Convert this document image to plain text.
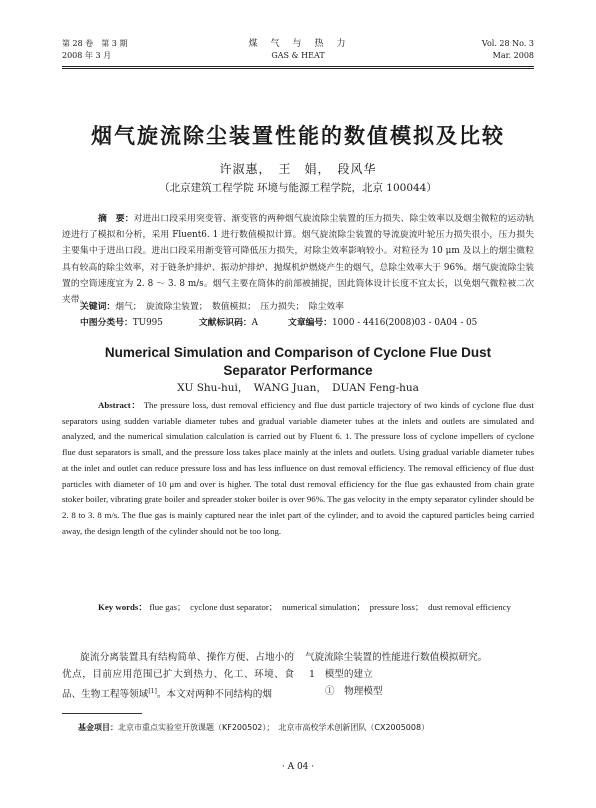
第 28 卷　第 3 期
2008 年 3 月
煤　气　与　热　力
GAS & HEAT
Vol. 28 No. 3
Mar. 2008
烟气旋流除尘装置性能的数值模拟及比较
许淑惠，　王　娟，　段风华
（北京建筑工程学院 环境与能源工程学院，北京 100044）
摘　要：对进出口段采用突变管、渐变管的两种烟气旋流除尘装置的压力损失、除尘效率以及烟尘微粒的运动轨迹进行了模拟和分析，采用 Fluent6. 1 进行数值模拟计算。烟气旋流除尘装置的导流旋流叶轮压力损失很小，压力损失主要集中于进出口段。进出口段采用渐变管可降低压力损失，对除尘效率影响较小。对粒径为 10 μm 及以上的烟尘微粒具有较高的除尘效率，对于链条炉排炉、振动炉排炉、抛煤机炉燃烧产生的烟气，总除尘效率大于 96%。烟气旋流除尘装置的空筒速度宜为 2. 8 ～ 3. 8 m/s。烟气主要在筒体的前部被捕捉，因此筒体设计长度不宜太长，以免烟气微粒被二次夹带。
关键词：烟气；　旋流除尘装置；　数值模拟；　压力损失；　除尘效率
中图分类号：TU995	文献标识码：A	文章编号：1000 - 4416(2008)03 - 0A04 - 05
Numerical Simulation and Comparison of Cyclone Flue Dust
Separator Performance
XU Shu-hui，　WANG Juan，　DUAN Feng-hua
Abstract： The pressure loss, dust removal efficiency and flue dust particle trajectory of two kinds of cyclone flue dust separators using sudden variable diameter tubes and gradual variable diameter tubes at the inlets and outlets are simulated and analyzed, and the numerical simulation calculation is carried out by Fluent 6. 1. The pressure loss of cyclone impellers of cyclone flue dust separators is small, and the pressure loss takes place mainly at the inlets and outlets. Using gradual variable diameter tubes at the inlet and outlet can reduce pressure loss and has less influence on dust removal efficiency. The removal efficiency of flue dust particles with diameter of 10 μm and over is higher. The total dust removal efficiency for the flue gas exhausted from chain grate stoker boiler, vibrating grate boiler and spreader stoker boiler is over 96%. The gas velocity in the empty separator cylinder should be 2. 8 to 3. 8 m/s. The flue gas is mainly captured near the inlet part of the cylinder, and to avoid the captured particles being carried away, the design length of the cylinder should not be too long.
Key words： flue gas；　cyclone dust separator；　numerical simulation；　pressure loss；　dust removal efficiency
旋流分离装置具有结构简单、操作方便、占地小的优点，目前应用范围已扩大到热力、化工、环境、食品、生物工程等领域[1]。本文对两种不同结构的烟
气旋流除尘装置的性能进行数值模拟研究。
1　模型的建立
①　物理模型
基金项目：北京市重点实验室开放课题（KF200502）；　北京市高校学术创新团队（CX2005008）
· A 04 ·
